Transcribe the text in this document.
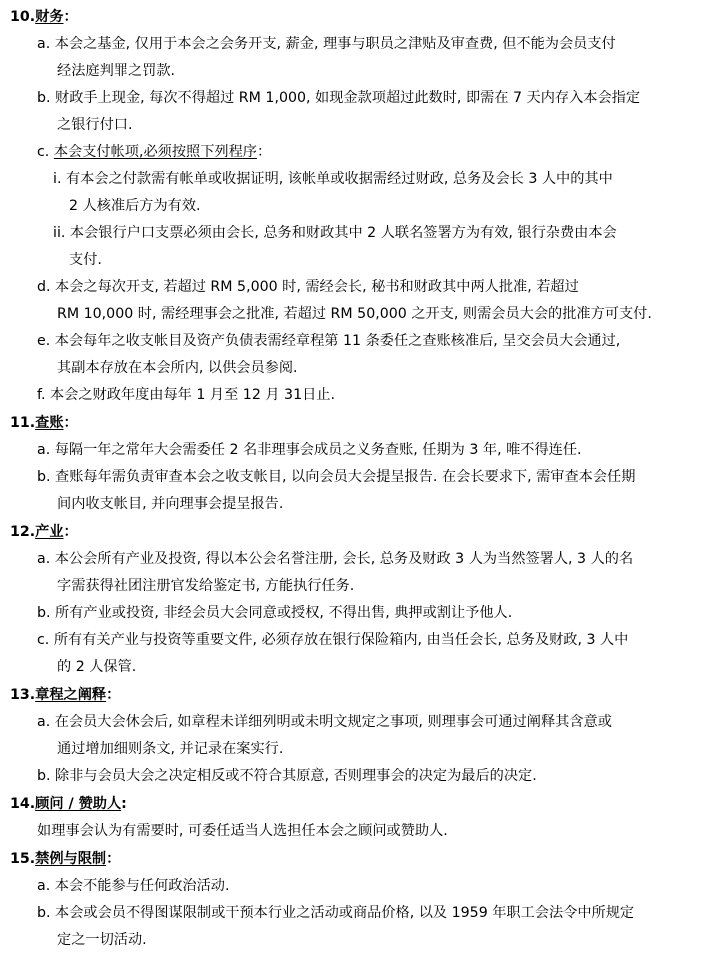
10.财务：
a. 本会之基金, 仅用于本会之会务开支, 薪金, 理事与职员之津贴及审查费, 但不能为会员支付
经法庭判罪之罚款.
b. 财政手上现金, 每次不得超过 RM 1,000, 如现金款项超过此数时, 即需在 7 天内存入本会指定
之银行付口.
c. 本会支付帐项,必须按照下列程序：
i. 有本会之付款需有帐单或收据证明, 该帐单或收据需经过财政, 总务及会长 3 人中的其中
2 人核准后方为有效.
ii. 本会银行户口支票必须由会长, 总务和财政其中 2 人联名签署方为有效, 银行杂费由本会
支付.
d. 本会之每次开支, 若超过 RM 5,000 时, 需经会长, 秘书和财政其中两人批准, 若超过
RM 10,000 时, 需经理事会之批准, 若超过 RM 50,000 之开支, 则需会员大会的批准方可支付.
e. 本会每年之收支帐目及资产负债表需经章程第 11 条委任之查账核准后, 呈交会员大会通过,
其副本存放在本会所内, 以供会员参阅.
f. 本会之财政年度由每年 1 月至 12 月 31日止.
11.查账：
a. 每隔一年之常年大会需委任 2 名非理事会成员之义务查账, 任期为 3 年, 唯不得连任.
b. 查账每年需负责审查本会之收支帐目, 以向会员大会提呈报告. 在会长要求下, 需审查本会任期
间内收支帐目, 并向理事会提呈报告.
12.产业：
a. 本公会所有产业及投资, 得以本公会名誉注册, 会长, 总务及财政 3 人为当然签署人, 3 人的名
字需获得社团注册官发给鉴定书, 方能执行任务.
b. 所有产业或投资, 非经会员大会同意或授权, 不得出售, 典押或割让予他人.
c. 所有有关产业与投资等重要文件, 必须存放在银行保险箱内, 由当任会长, 总务及财政, 3 人中
的 2 人保管.
13.章程之阐释：
a. 在会员大会休会后, 如章程未详细列明或未明文规定之事项, 则理事会可通过阐释其含意或
通过增加细则条文, 并记录在案实行.
b. 除非与会员大会之决定相反或不符合其原意, 否则理事会的决定为最后的决定.
14.顾问 / 赞助人:
如理事会认为有需要时, 可委任适当人选担任本会之顾问或赞助人.
15.禁例与限制：
a. 本会不能参与任何政治活动.
b. 本会或会员不得图谋限制或干预本行业之活动或商品价格, 以及 1959 年职工会法令中所规定
定之一切活动.
